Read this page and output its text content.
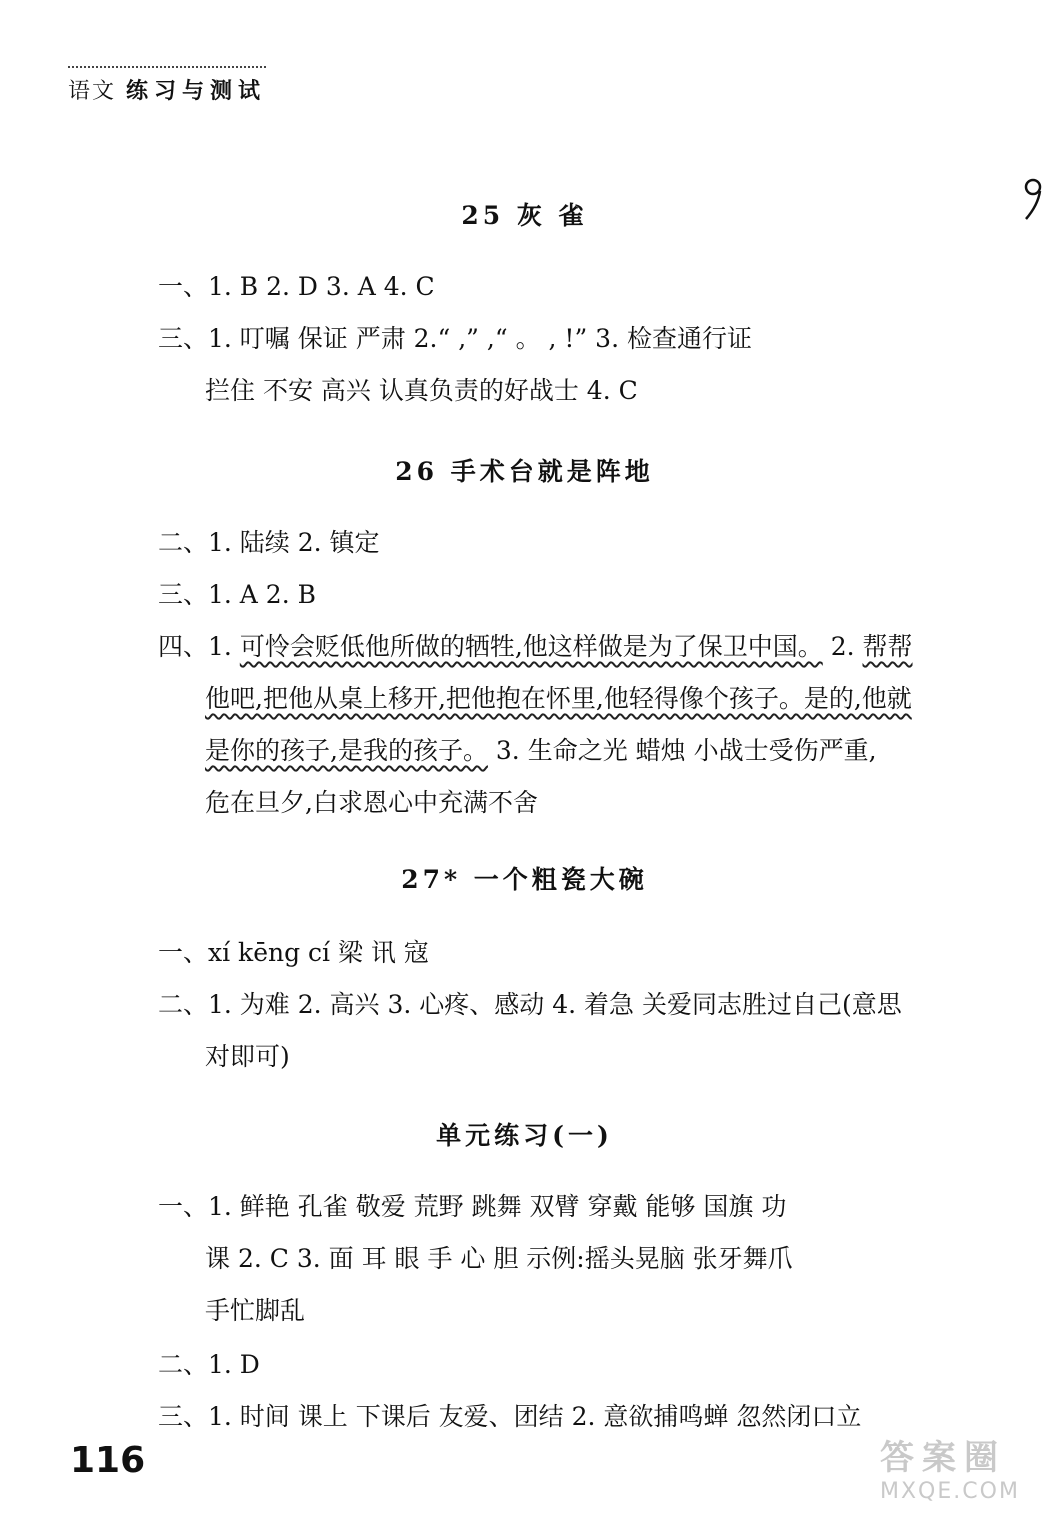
语文 练习与测试
25 灰 雀
一、1. B 2. D 3. A 4. C
三、1. 叮嘱 保证 严肃 2.“ ,” ,“ 。 , !” 3. 检查通行证
拦住 不安 高兴 认真负责的好战士 4. C
26 手术台就是阵地
二、1. 陆续 2. 镇定
三、1. A 2. B
四、1. 可怜会贬低他所做的牺牲,他这样做是为了保卫中国。 2. 帮帮
他吧,把他从桌上移开,把他抱在怀里,他轻得像个孩子。是的,他就
是你的孩子,是我的孩子。 3. 生命之光 蜡烛 小战士受伤严重,
危在旦夕,白求恩心中充满不舍
27* 一个粗瓷大碗
一、xí kēng cí 梁 讯 寇
二、1. 为难 2. 高兴 3. 心疼、感动 4. 着急 关爱同志胜过自己(意思
对即可)
单元练习(一)
一、1. 鲜艳 孔雀 敬爱 荒野 跳舞 双臂 穿戴 能够 国旗 功
课 2. C 3. 面 耳 眼 手 心 胆 示例:摇头晃脑 张牙舞爪
手忙脚乱
二、1. D
三、1. 时间 课上 下课后 友爱、团结 2. 意欲捕鸣蝉 忽然闭口立
116	答案圈
MXQE.COM
